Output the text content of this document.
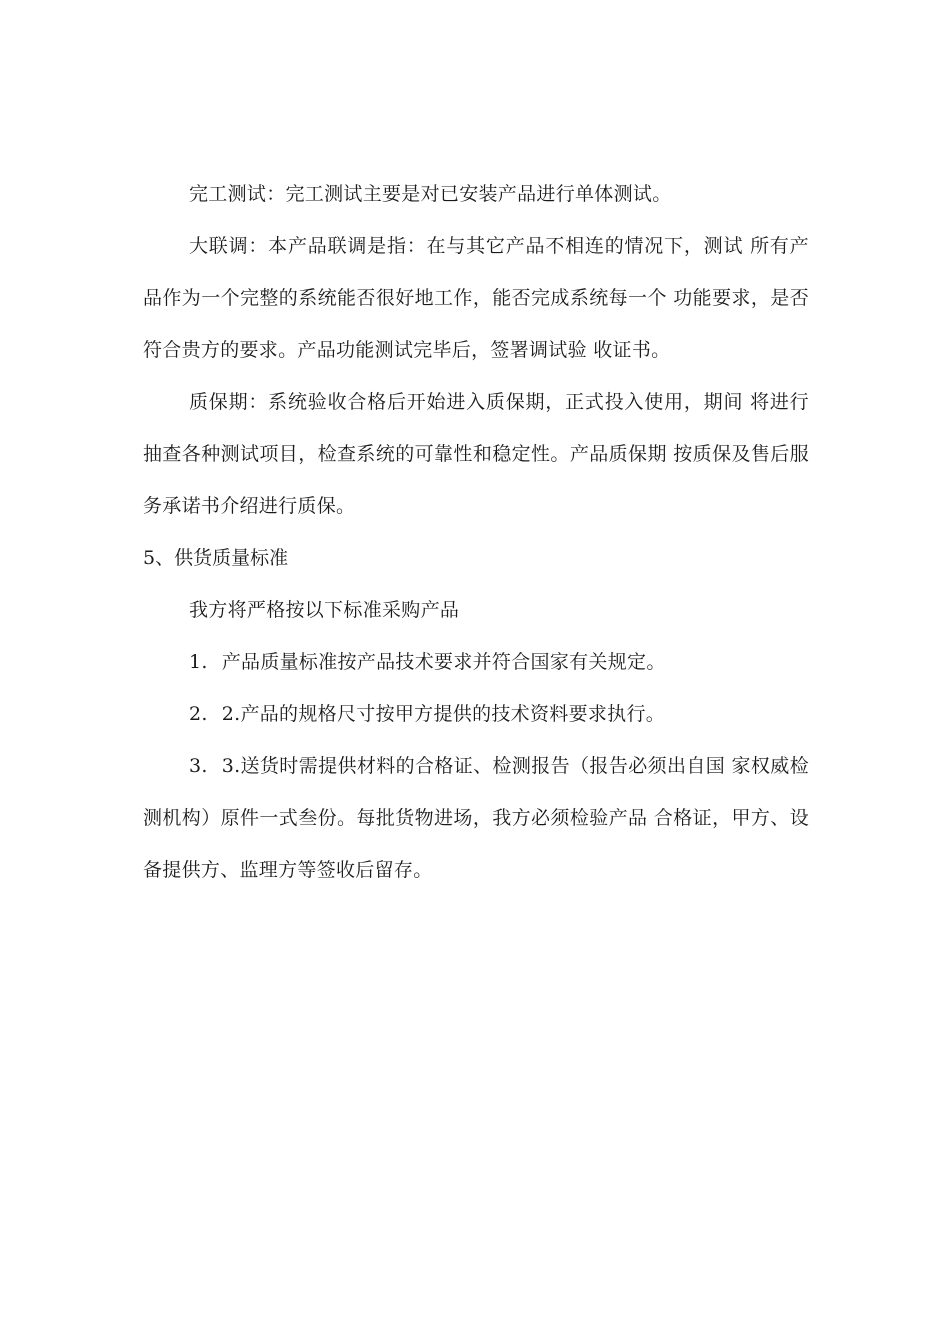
完工测试：完工测试主要是对已安装产品进行单体测试。

大联调：本产品联调是指：在与其它产品不相连的情况下，测试 所有产品作为一个完整的系统能否很好地工作，能否完成系统每一个 功能要求，是否符合贵方的要求。产品功能测试完毕后，签署调试验 收证书。

质保期：系统验收合格后开始进入质保期，正式投入使用，期间 将进行抽查各种测试项目，检查系统的可靠性和稳定性。产品质保期 按质保及售后服务承诺书介绍进行质保。

5、供货质量标准

我方将严格按以下标准采购产品

1. 产品质量标准按产品技术要求并符合国家有关规定。

2. 2.产品的规格尺寸按甲方提供的技术资料要求执行。

3. 3.送货时需提供材料的合格证、检测报告（报告必须出自国 家权威检测机构）原件一式叁份。每批货物进场，我方必须检验产品 合格证，甲方、设备提供方、监理方等签收后留存。
